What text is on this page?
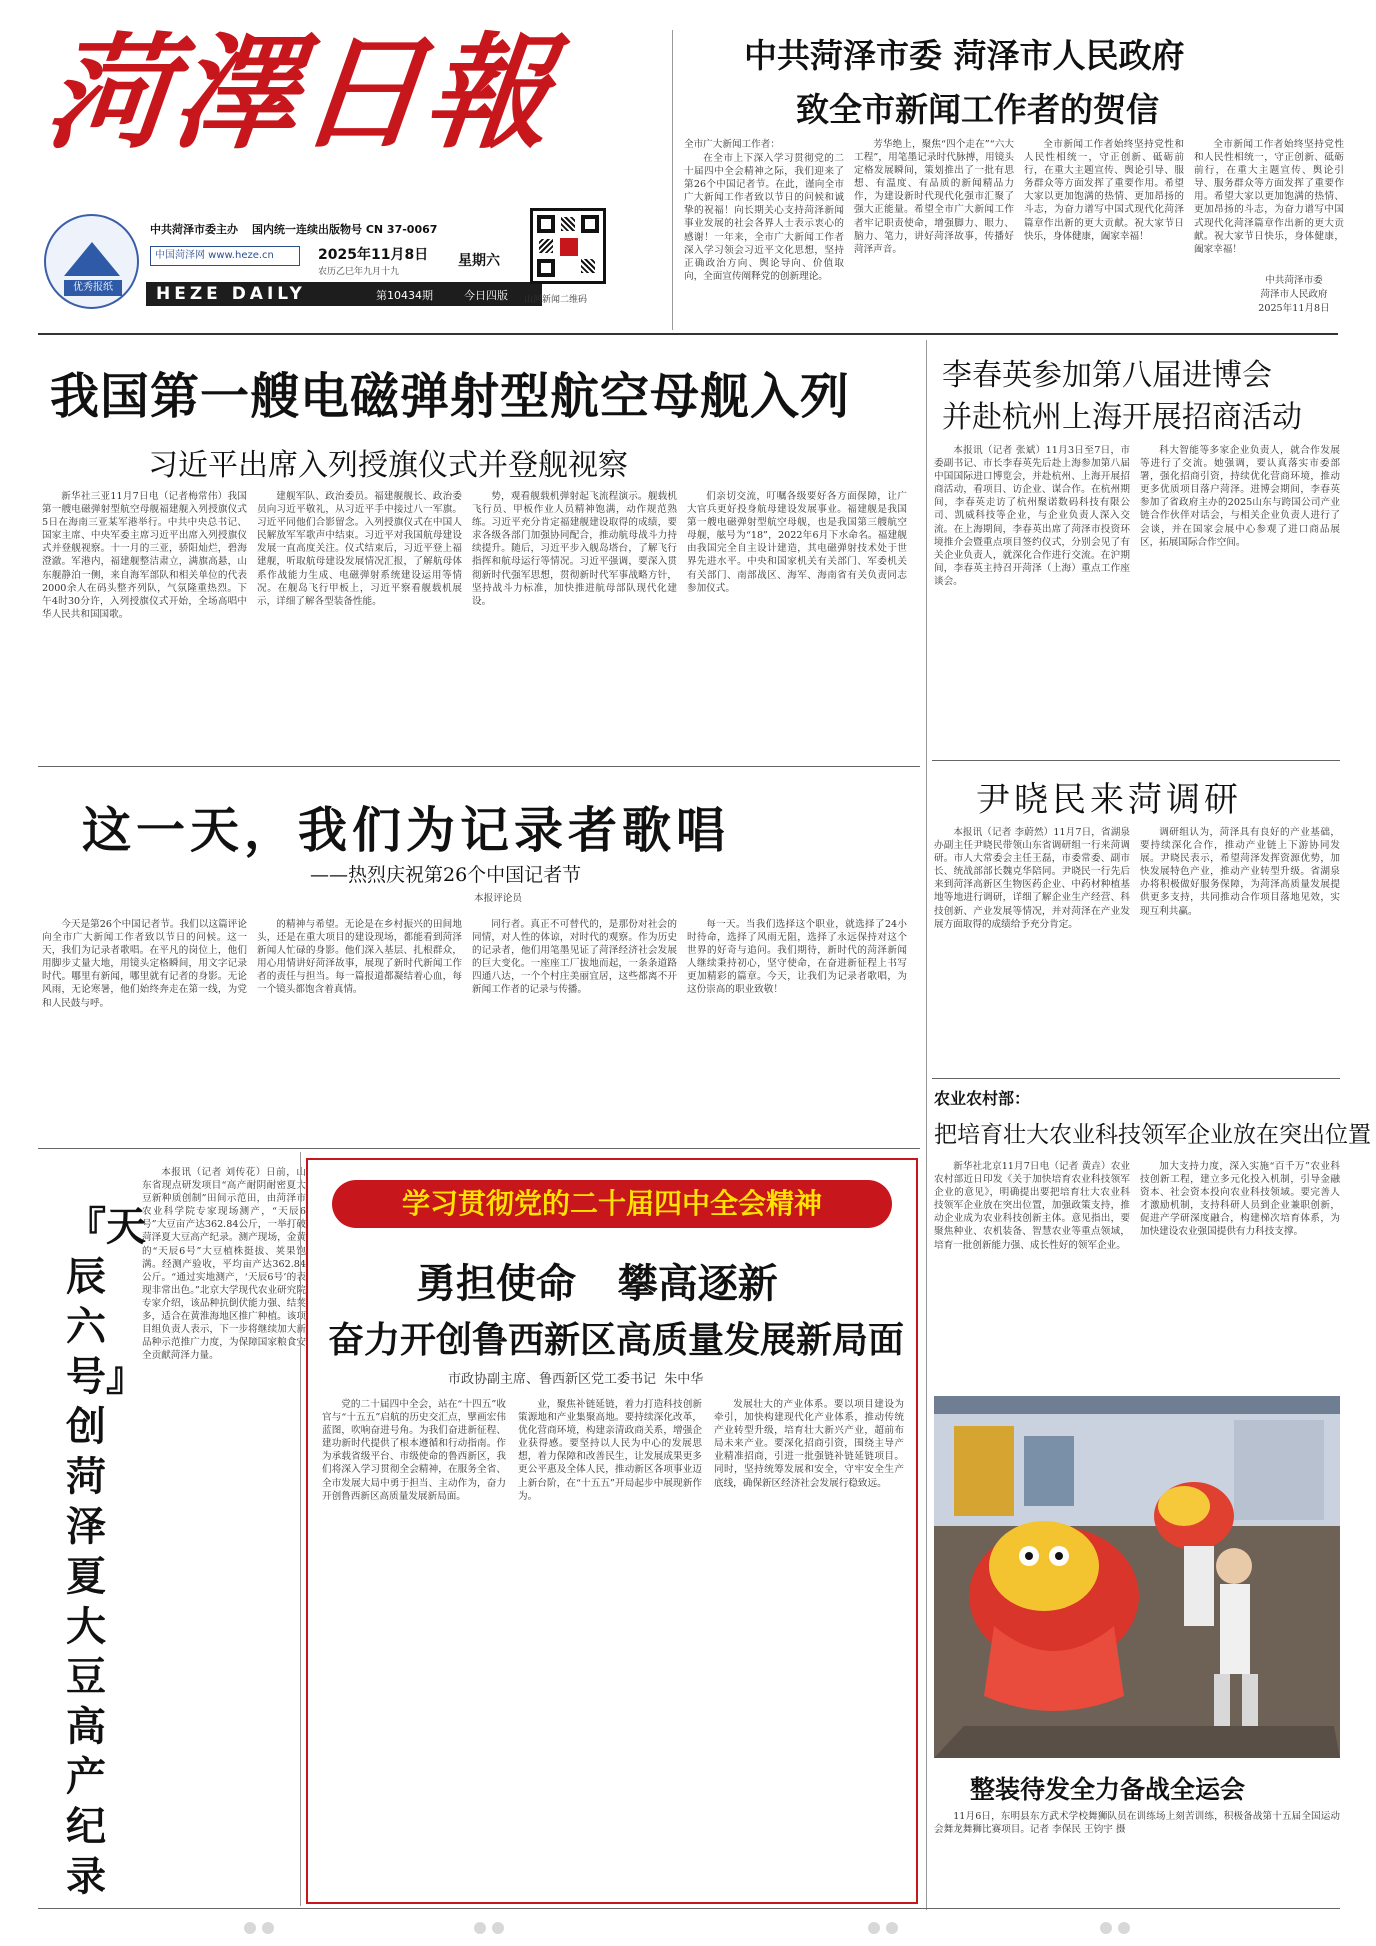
菏澤日報
优秀报纸
中共菏泽市委主办 国内统一连续出版物号 CN 37-0067
中国菏泽网 www.heze.cn	2025年11月8日
农历乙巳年九月十九
星期六
HEZE DAILY	第10434期	今日四版 山河新闻二维码
中共菏泽市委 菏泽市人民政府
致全市新闻工作者的贺信
全市广大新闻工作者：
在全市上下深入学习贯彻党的二十届四中全会精神之际，我们迎来了第26个中国记者节。在此，谨向全市广大新闻工作者致以节日的问候和诚挚的祝福！向长期关心支持菏泽新闻事业发展的社会各界人士表示衷心的感谢！一年来，全市广大新闻工作者深入学习领会习近平文化思想，坚持正确政治方向、舆论导向、价值取向，全面宣传阐释党的创新理论。
芳华绝上，聚焦“四个走在”“六大工程”，用笔墨记录时代脉搏，用镜头定格发展瞬间，策划推出了一批有思想、有温度、有品质的新闻精品力作，为建设新时代现代化强市汇聚了强大正能量。希望全市广大新闻工作者牢记职责使命，增强脚力、眼力、脑力、笔力，讲好菏泽故事，传播好菏泽声音。
全市新闻工作者始终坚持党性和人民性相统一，守正创新、砥砺前行，在重大主题宣传、舆论引导、服务群众等方面发挥了重要作用。希望大家以更加饱满的热情、更加昂扬的斗志，为奋力谱写中国式现代化菏泽篇章作出新的更大贡献。祝大家节日快乐，身体健康，阖家幸福！
全市新闻工作者始终坚持党性和人民性相统一，守正创新、砥砺前行，在重大主题宣传、舆论引导、服务群众等方面发挥了重要作用。希望大家以更加饱满的热情、更加昂扬的斗志，为奋力谱写中国式现代化菏泽篇章作出新的更大贡献。祝大家节日快乐，身体健康，阖家幸福！
中共菏泽市委
菏泽市人民政府
2025年11月8日
我国第一艘电磁弹射型航空母舰入列
习近平出席入列授旗仪式并登舰视察
新华社三亚11月7日电（记者梅常伟）我国第一艘电磁弹射型航空母舰福建舰入列授旗仪式5日在海南三亚某军港举行。中共中央总书记、国家主席、中央军委主席习近平出席入列授旗仪式并登舰视察。十一月的三亚，骄阳灿烂，碧海澄澈。军港内，福建舰整洁肃立，满旗高悬，山东舰静泊一侧，来自海军部队和相关单位的代表2000余人在码头整齐列队，气氛隆重热烈。下午4时30分许，入列授旗仪式开始，全场高唱中华人民共和国国歌。
建舰军队、政治委员。福建舰舰长、政治委员向习近平敬礼，从习近平手中接过八一军旗。习近平同他们合影留念。入列授旗仪式在中国人民解放军军歌声中结束。习近平对我国航母建设发展一直高度关注。仪式结束后，习近平登上福建舰，听取航母建设发展情况汇报，了解航母体系作战能力生成、电磁弹射系统建设运用等情况。在舰岛飞行甲板上，习近平察看舰载机展示，详细了解各型装备性能。
势，观看舰载机弹射起飞流程演示。舰载机飞行员、甲板作业人员精神饱满，动作规范熟练。习近平充分肯定福建舰建设取得的成绩，要求各级各部门加强协同配合，推动航母战斗力持续提升。随后，习近平步入舰岛塔台，了解飞行指挥和航母运行等情况。习近平强调，要深入贯彻新时代强军思想，贯彻新时代军事战略方针，坚持战斗力标准，加快推进航母部队现代化建设。
们亲切交流，叮嘱各级要好各方面保障，让广大官兵更好投身航母建设发展事业。福建舰是我国第一艘电磁弹射型航空母舰，也是我国第三艘航空母舰，舷号为“18”，2022年6月下水命名。福建舰由我国完全自主设计建造，其电磁弹射技术处于世界先进水平。中央和国家机关有关部门、军委机关有关部门、南部战区、海军、海南省有关负责同志参加仪式。
这一天，我们为记录者歌唱
——热烈庆祝第26个中国记者节
本报评论员
今天是第26个中国记者节。我们以这篇评论向全市广大新闻工作者致以节日的问候。这一天，我们为记录者歌唱。在平凡的岗位上，他们用脚步丈量大地，用镜头定格瞬间，用文字记录时代。哪里有新闻，哪里就有记者的身影。无论风雨，无论寒暑，他们始终奔走在第一线，为党和人民鼓与呼。
的精神与希望。无论是在乡村振兴的田间地头，还是在重大项目的建设现场，都能看到菏泽新闻人忙碌的身影。他们深入基层、扎根群众，用心用情讲好菏泽故事，展现了新时代新闻工作者的责任与担当。每一篇报道都凝结着心血，每一个镜头都饱含着真情。
同行者。真正不可替代的，是那份对社会的同情，对人性的体谅，对时代的观察。作为历史的记录者，他们用笔墨见证了菏泽经济社会发展的巨大变化。一座座工厂拔地而起，一条条道路四通八达，一个个村庄美丽宜居，这些都离不开新闻工作者的记录与传播。
每一天。当我们选择这个职业，就选择了24小时待命，选择了风雨无阻，选择了永远保持对这个世界的好奇与追问。我们期待，新时代的菏泽新闻人继续秉持初心，坚守使命，在奋进新征程上书写更加精彩的篇章。今天，让我们为记录者歌唱，为这份崇高的职业致敬！
『天辰六号』创菏泽夏大豆高产纪录
本报讯（记者 刘传花）日前，山东省现点研发项目“高产耐阴耐密夏大豆新种质创制”田间示范田，由菏泽市农业科学院专家现场测产，“天辰6号”大豆亩产达362.84公斤，一举打破菏泽夏大豆高产纪录。测产现场，金黄的“天辰6号”大豆植株挺拔、荚果饱满。经测产验收，平均亩产达362.84公斤。“通过实地测产，‘天辰6号’的表现非常出色。”北京大学现代农业研究院专家介绍，该品种抗倒伏能力强、结荚多，适合在黄淮海地区推广种植。该项目组负责人表示，下一步将继续加大新品种示范推广力度，为保障国家粮食安全贡献菏泽力量。
学习贯彻党的二十届四中全会精神
勇担使命   攀高逐新
奋力开创鲁西新区高质量发展新局面
市政协副主席、鲁西新区党工委书记  朱中华
党的二十届四中全会，站在“十四五”收官与“十五五”启航的历史交汇点，擘画宏伟蓝图，吹响奋进号角。为我们奋进新征程、建功新时代提供了根本遵循和行动指南。作为承载省级平台、市级使命的鲁西新区，我们将深入学习贯彻全会精神，在服务全省、全市发展大局中勇于担当、主动作为，奋力开创鲁西新区高质量发展新局面。
业，聚焦补链延链，着力打造科技创新策源地和产业集聚高地。要持续深化改革，优化营商环境，构建亲清政商关系，增强企业获得感。要坚持以人民为中心的发展思想，着力保障和改善民生，让发展成果更多更公平惠及全体人民，推动新区各项事业迈上新台阶，在“十五五”开局起步中展现新作为。
发展壮大的产业体系。要以项目建设为牵引，加快构建现代化产业体系，推动传统产业转型升级，培育壮大新兴产业，超前布局未来产业。要深化招商引资，围绕主导产业精准招商，引进一批强链补链延链项目。同时，坚持统筹发展和安全，守牢安全生产底线，确保新区经济社会发展行稳致远。
李春英参加第八届进博会
并赴杭州上海开展招商活动
本报讯（记者 张斌）11月3日至7日，市委副书记、市长李春英先后赴上海参加第八届中国国际进口博览会，并赴杭州、上海开展招商活动，看项目、访企业、谋合作。在杭州期间，李春英走访了杭州聚诺数码科技有限公司、凯威科技等企业，与企业负责人深入交流。在上海期间，李春英出席了菏泽市投资环境推介会暨重点项目签约仪式，分别会见了有关企业负责人，就深化合作进行交流。在沪期间，李春英主持召开菏泽（上海）重点工作座谈会。
科大智能等多家企业负责人，就合作发展等进行了交流。她强调，要认真落实市委部署，强化招商引资，持续优化营商环境，推动更多优质项目落户菏泽。进博会期间，李春英参加了省政府主办的2025山东与跨国公司产业链合作伙伴对话会，与相关企业负责人进行了会谈，并在国家会展中心参观了进口商品展区，拓展国际合作空间。
尹晓民来菏调研
本报讯（记者 李蔚然）11月7日，省湖泉办副主任尹晓民带领山东省调研组一行来菏调研。市人大常委会主任王磊，市委常委、副市长、统战部部长魏克华陪同。尹晓民一行先后来到菏泽高新区生物医药企业、中药材种植基地等地进行调研，详细了解企业生产经营、科技创新、产业发展等情况，并对菏泽在产业发展方面取得的成绩给予充分肯定。
调研组认为，菏泽具有良好的产业基础，要持续深化合作，推动产业链上下游协同发展。尹晓民表示，希望菏泽发挥资源优势，加快发展特色产业，推动产业转型升级。省湖泉办将积极做好服务保障，为菏泽高质量发展提供更多支持，共同推动合作项目落地见效，实现互利共赢。
农业农村部：
把培育壮大农业科技领军企业放在突出位置
新华社北京11月7日电（记者 黄垚）农业农村部近日印发《关于加快培育农业科技领军企业的意见》，明确提出要把培育壮大农业科技领军企业放在突出位置，加强政策支持，推动企业成为农业科技创新主体。意见指出，要聚焦种业、农机装备、智慧农业等重点领域，培育一批创新能力强、成长性好的领军企业。
加大支持力度，深入实施“百千万”农业科技创新工程，建立多元化投入机制，引导金融资本、社会资本投向农业科技领域。要完善人才激励机制，支持科研人员到企业兼职创新，促进产学研深度融合，构建梯次培育体系，为加快建设农业强国提供有力科技支撑。
整装待发全力备战全运会
11月6日，东明县东方武术学校舞狮队员在训练场上刻苦训练，积极备战第十五届全国运动会舞龙舞狮比赛项目。记者 李保民 王钧宇 摄
